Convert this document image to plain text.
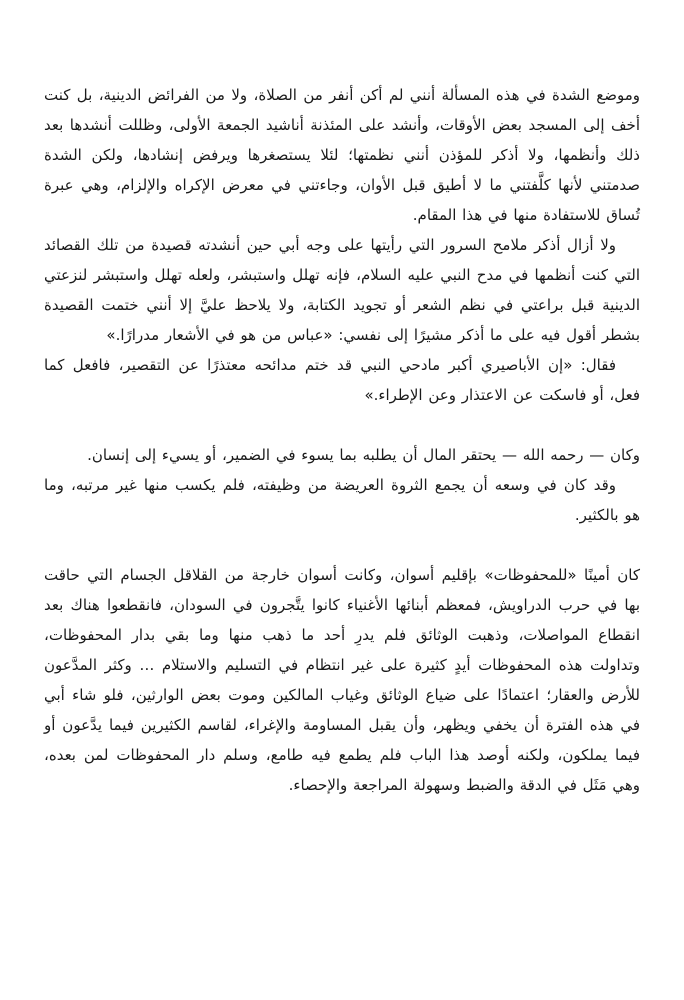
وموضع الشدة في هذه المسألة أنني لم أكن أنفر من الصلاة، ولا من الفرائض الدينية، بل كنت أخف إلى المسجد بعض الأوقات، وأنشد على المئذنة أناشيد الجمعة الأولى، وظللت أنشدها بعد ذلك وأنظمها، ولا أذكر للمؤذن أنني نظمتها؛ لئلا يستصغرها ويرفض إنشادها، ولكن الشدة صدمتني لأنها كلَّفتني ما لا أطيق قبل الأوان، وجاءتني في معرض الإكراه والإلزام، وهي عبرة تُساق للاستفادة منها في هذا المقام.

ولا أزال أذكر ملامح السرور التي رأيتها على وجه أبي حين أنشدته قصيدة من تلك القصائد التي كنت أنظمها في مدح النبي عليه السلام، فإنه تهلل واستبشر، ولعله تهلل واستبشر لنزعتي الدينية قبل براعتي في نظم الشعر أو تجويد الكتابة، ولا يلاحظ عليَّ إلا أنني ختمت القصيدة بشطر أقول فيه على ما أذكر مشيرًا إلى نفسي: «عباس من هو في الأشعار مدرارًا.»

فقال: «إن الأباصيري أكبر مادحي النبي قد ختم مدائحه معتذرًا عن التقصير، فافعل كما فعل، أو فاسكت عن الاعتذار وعن الإطراء.»

وكان — رحمه الله — يحتقر المال أن يطلبه بما يسوء في الضمير، أو يسيء إلى إنسان.

وقد كان في وسعه أن يجمع الثروة العريضة من وظيفته، فلم يكسب منها غير مرتبه، وما هو بالكثير.

كان أمينًا «للمحفوظات» بإقليم أسوان، وكانت أسوان خارجة من القلاقل الجسام التي حاقت بها في حرب الدراويش، فمعظم أبنائها الأغنياء كانوا يتَّجرون في السودان، فانقطعوا هناك بعد انقطاع المواصلات، وذهبت الوثائق فلم يدرِ أحد ما ذهب منها وما بقي بدار المحفوظات، وتداولت هذه المحفوظات أيدٍ كثيرة على غير انتظام في التسليم والاستلام … وكثر المدَّعون للأرض والعقار؛ اعتمادًا على ضياع الوثائق وغياب المالكين وموت بعض الوارثين، فلو شاء أبي في هذه الفترة أن يخفي ويظهر، وأن يقبل المساومة والإغراء، لقاسم الكثيرين فيما يدَّعون أو فيما يملكون، ولكنه أوصد هذا الباب فلم يطمع فيه طامع، وسلم دار المحفوظات لمن بعده، وهي مَثَل في الدقة والضبط وسهولة المراجعة والإحصاء.
